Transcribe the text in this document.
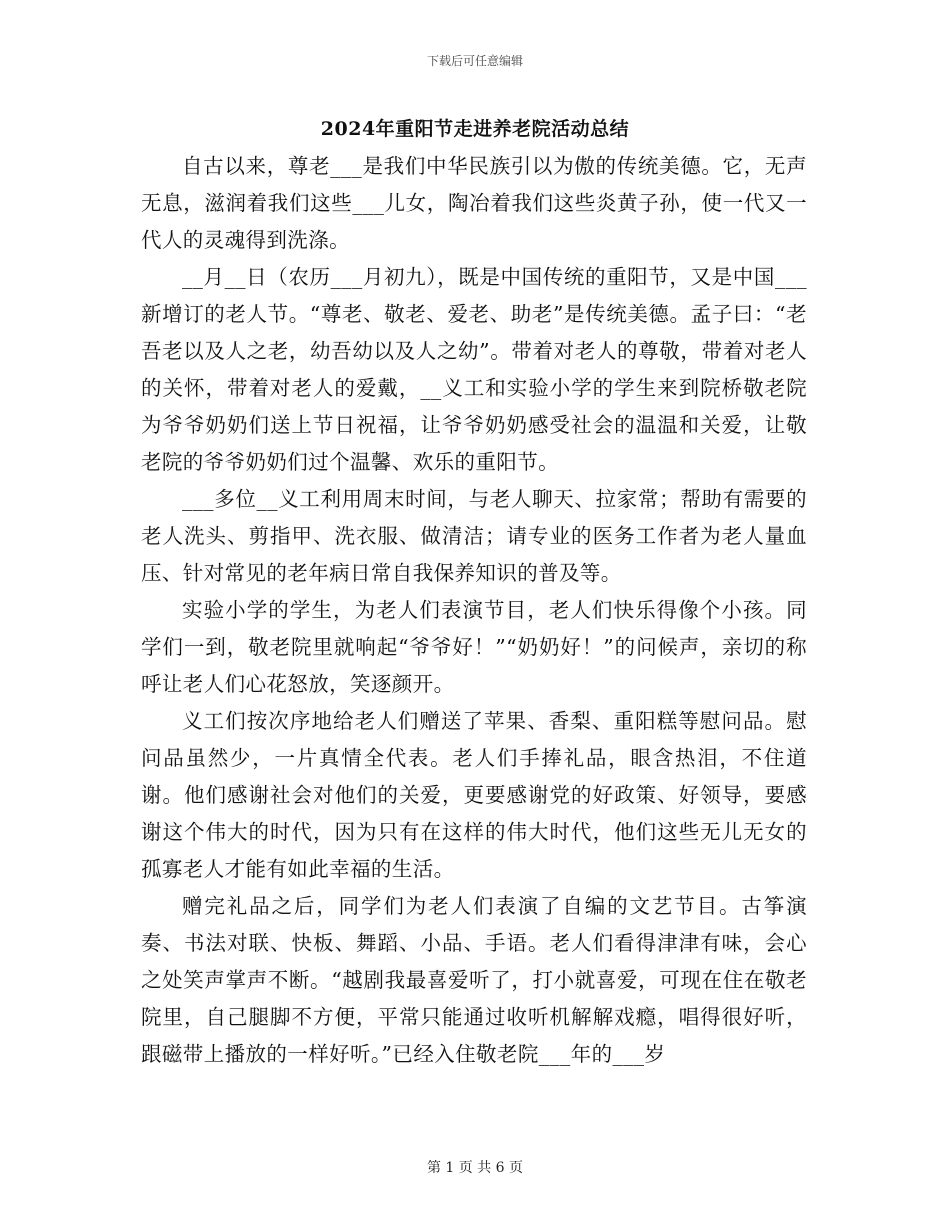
下载后可任意编辑
2024年重阳节走进养老院活动总结

自古以来，尊老___是我们中华民族引以为傲的传统美德。它，无声无息，滋润着我们这些___儿女，陶冶着我们这些炎黄子孙，使一代又一代人的灵魂得到洗涤。

__月__日（农历___月初九），既是中国传统的重阳节，又是中国___新增订的老人节。“尊老、敬老、爱老、助老”是传统美德。孟子曰：“老吾老以及人之老，幼吾幼以及人之幼”。带着对老人的尊敬，带着对老人的关怀，带着对老人的爱戴，__义工和实验小学的学生来到院桥敬老院为爷爷奶奶们送上节日祝福，让爷爷奶奶感受社会的温温和关爱，让敬老院的爷爷奶奶们过个温馨、欢乐的重阳节。

___多位__义工利用周末时间，与老人聊天、拉家常；帮助有需要的老人洗头、剪指甲、洗衣服、做清洁；请专业的医务工作者为老人量血压、针对常见的老年病日常自我保养知识的普及等。

实验小学的学生，为老人们表演节目，老人们快乐得像个小孩。同学们一到，敬老院里就响起“爷爷好！”“奶奶好！”的问候声，亲切的称呼让老人们心花怒放，笑逐颜开。

义工们按次序地给老人们赠送了苹果、香梨、重阳糕等慰问品。慰问品虽然少，一片真情全代表。老人们手捧礼品，眼含热泪，不住道谢。他们感谢社会对他们的关爱，更要感谢党的好政策、好领导，要感谢这个伟大的时代，因为只有在这样的伟大时代，他们这些无儿无女的孤寡老人才能有如此幸福的生活。

赠完礼品之后，同学们为老人们表演了自编的文艺节目。古筝演奏、书法对联、快板、舞蹈、小品、手语。老人们看得津津有味，会心之处笑声掌声不断。“越剧我最喜爱听了，打小就喜爱，可现在住在敬老院里，自己腿脚不方便，平常只能通过收听机解解戏瘾，唱得很好听，跟磁带上播放的一样好听。”已经入住敬老院___年的___岁

第 1 页 共 6 页
